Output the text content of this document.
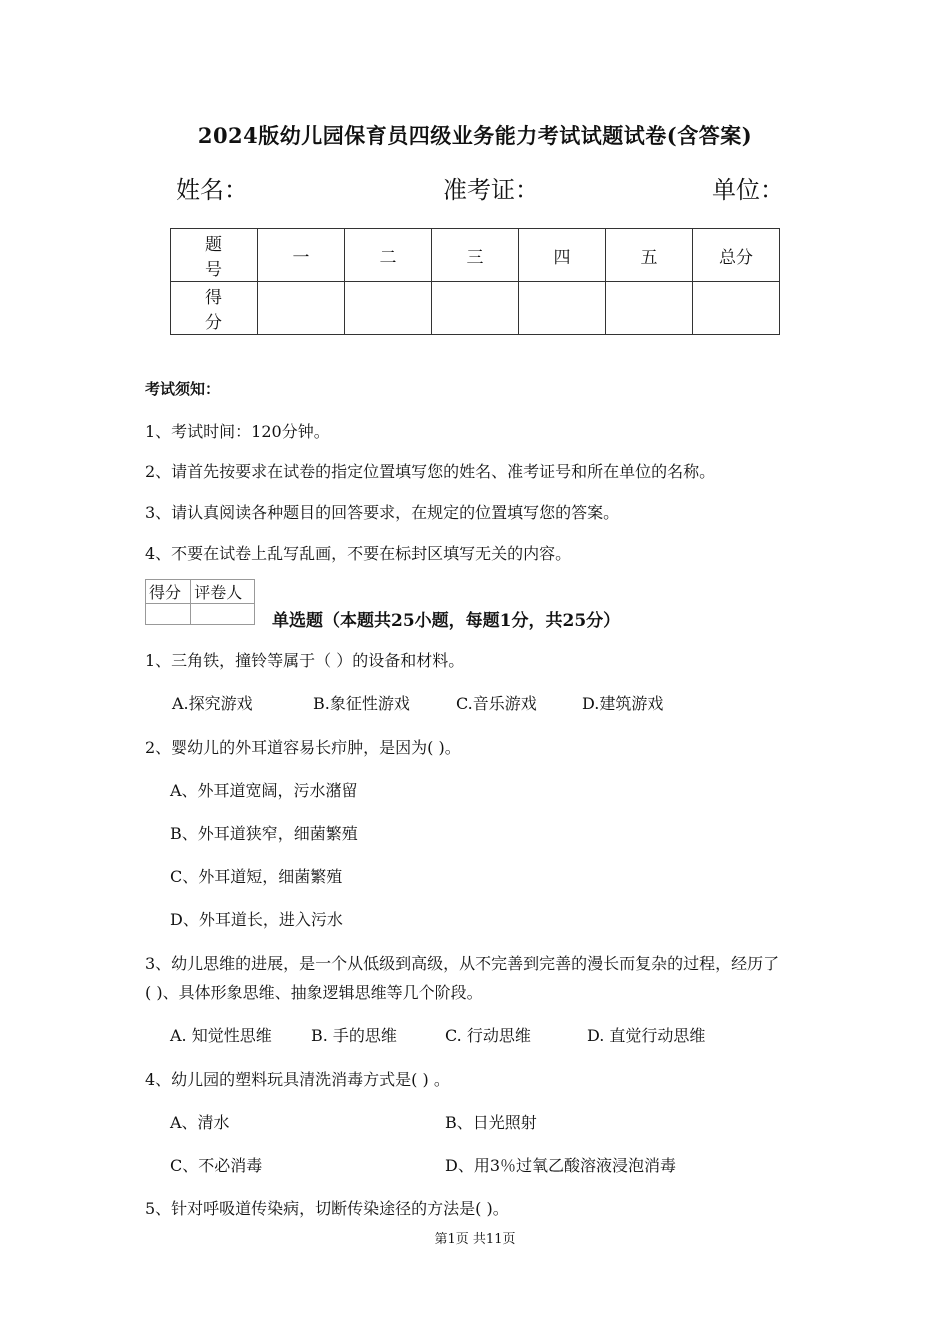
2024版幼儿园保育员四级业务能力考试试题试卷(含答案)
姓名：	准考证：	单位：
题 号	一	二	三	四	五	总分
得 分						
考试须知：
1、考试时间：120分钟。
2、请首先按要求在试卷的指定位置填写您的姓名、准考证号和所在单位的名称。
3、请认真阅读各种题目的回答要求，在规定的位置填写您的答案。
4、不要在试卷上乱写乱画，不要在标封区填写无关的内容。
得分	评卷人

单选题（本题共25小题，每题1分，共25分）
1、三角铁，撞铃等属于（ ）的设备和材料。
A.探究游戏	B.象征性游戏	C.音乐游戏	D.建筑游戏
2、婴幼儿的外耳道容易长疖肿，是因为( )。
A、外耳道宽阔，污水潴留
B、外耳道狭窄，细菌繁殖
C、外耳道短，细菌繁殖
D、外耳道长，进入污水
3、幼儿思维的进展，是一个从低级到高级，从不完善到完善的漫长而复杂的过程，经历了
( )、具体形象思维、抽象逻辑思维等几个阶段。
A. 知觉性思维 B. 手的思维	C. 行动思维	D. 直觉行动思维
4、幼儿园的塑料玩具清洗消毒方式是( ) 。
A、清水	B、日光照射
C、不必消毒	D、用3％过氧乙酸溶液浸泡消毒
5、针对呼吸道传染病，切断传染途径的方法是( )。
第1页 共11页
